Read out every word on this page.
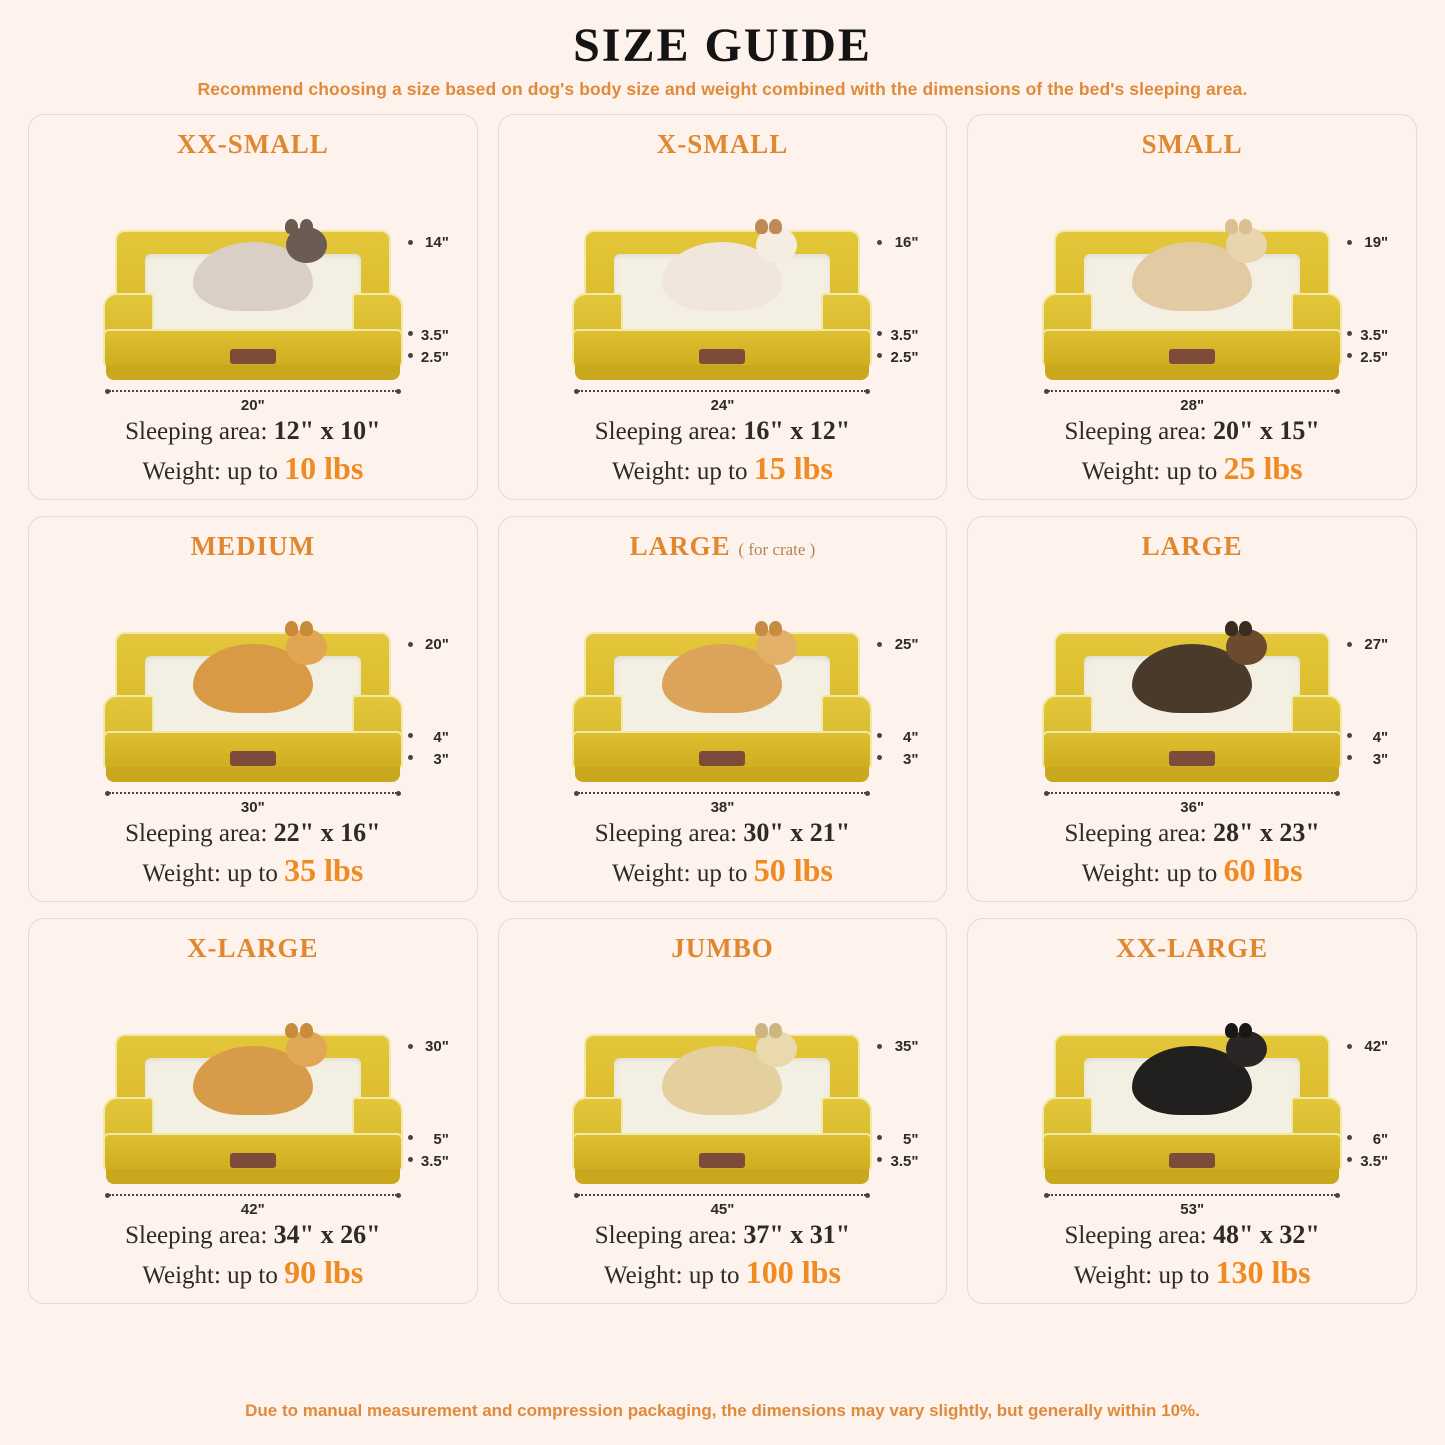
SIZE GUIDE
Recommend choosing a size based on dog's body size and weight combined with the dimensions of the bed's sleeping area.
XX-SMALL
20"
14"
3.5"
2.5"
Sleeping area: 12" x 10"
Weight: up to 10 lbs
X-SMALL
24"
16"
3.5"
2.5"
Sleeping area: 16" x 12"
Weight: up to 15 lbs
SMALL
28"
19"
3.5"
2.5"
Sleeping area: 20" x 15"
Weight: up to 25 lbs
MEDIUM
30"
20"
4"
3"
Sleeping area: 22" x 16"
Weight: up to 35 lbs
LARGE ( for crate )
38"
25"
4"
3"
Sleeping area: 30" x 21"
Weight: up to 50 lbs
LARGE
36"
27"
4"
3"
Sleeping area: 28" x 23"
Weight: up to 60 lbs
X-LARGE
42"
30"
5"
3.5"
Sleeping area: 34" x 26"
Weight: up to 90 lbs
JUMBO
45"
35"
5"
3.5"
Sleeping area: 37" x 31"
Weight: up to 100 lbs
XX-LARGE
53"
42"
6"
3.5"
Sleeping area: 48" x 32"
Weight: up to 130 lbs
Due to manual measurement and compression packaging, the dimensions may vary slightly, but generally within 10%.
